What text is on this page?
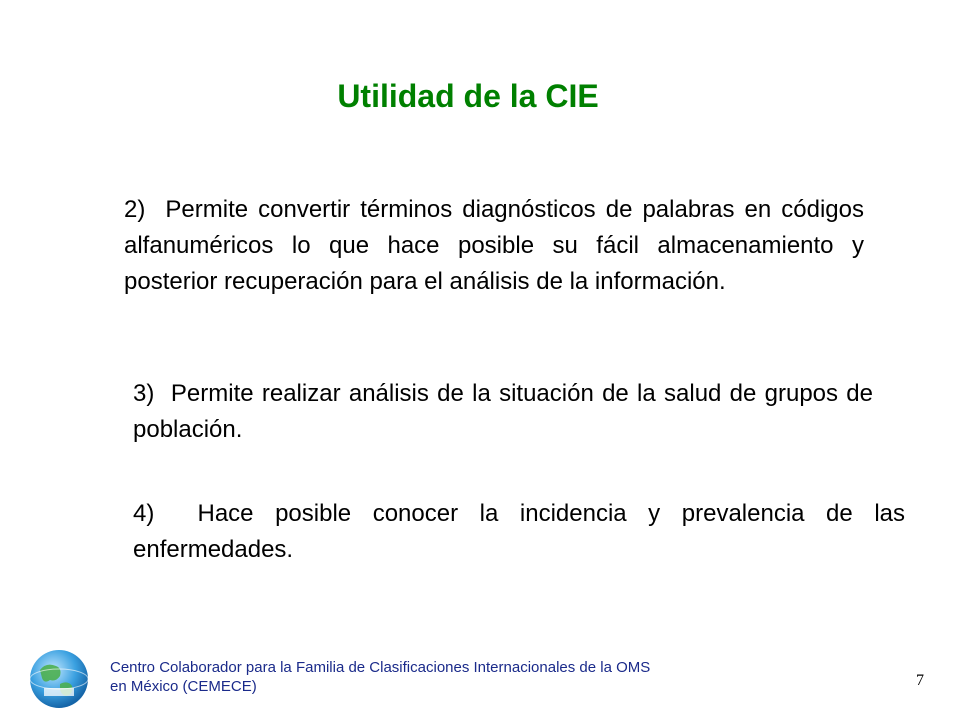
Utilidad de la CIE

2) Permite convertir términos diagnósticos de palabras en códigos alfanuméricos lo que hace posible su fácil almacenamiento y posterior recuperación para el análisis de la información.

3) Permite realizar análisis de la situación de la salud de grupos de población.

4) Hace posible conocer la incidencia y prevalencia de las enfermedades.

Centro Colaborador para la Familia de Clasificaciones Internacionales de la OMS en México (CEMECE)	7
